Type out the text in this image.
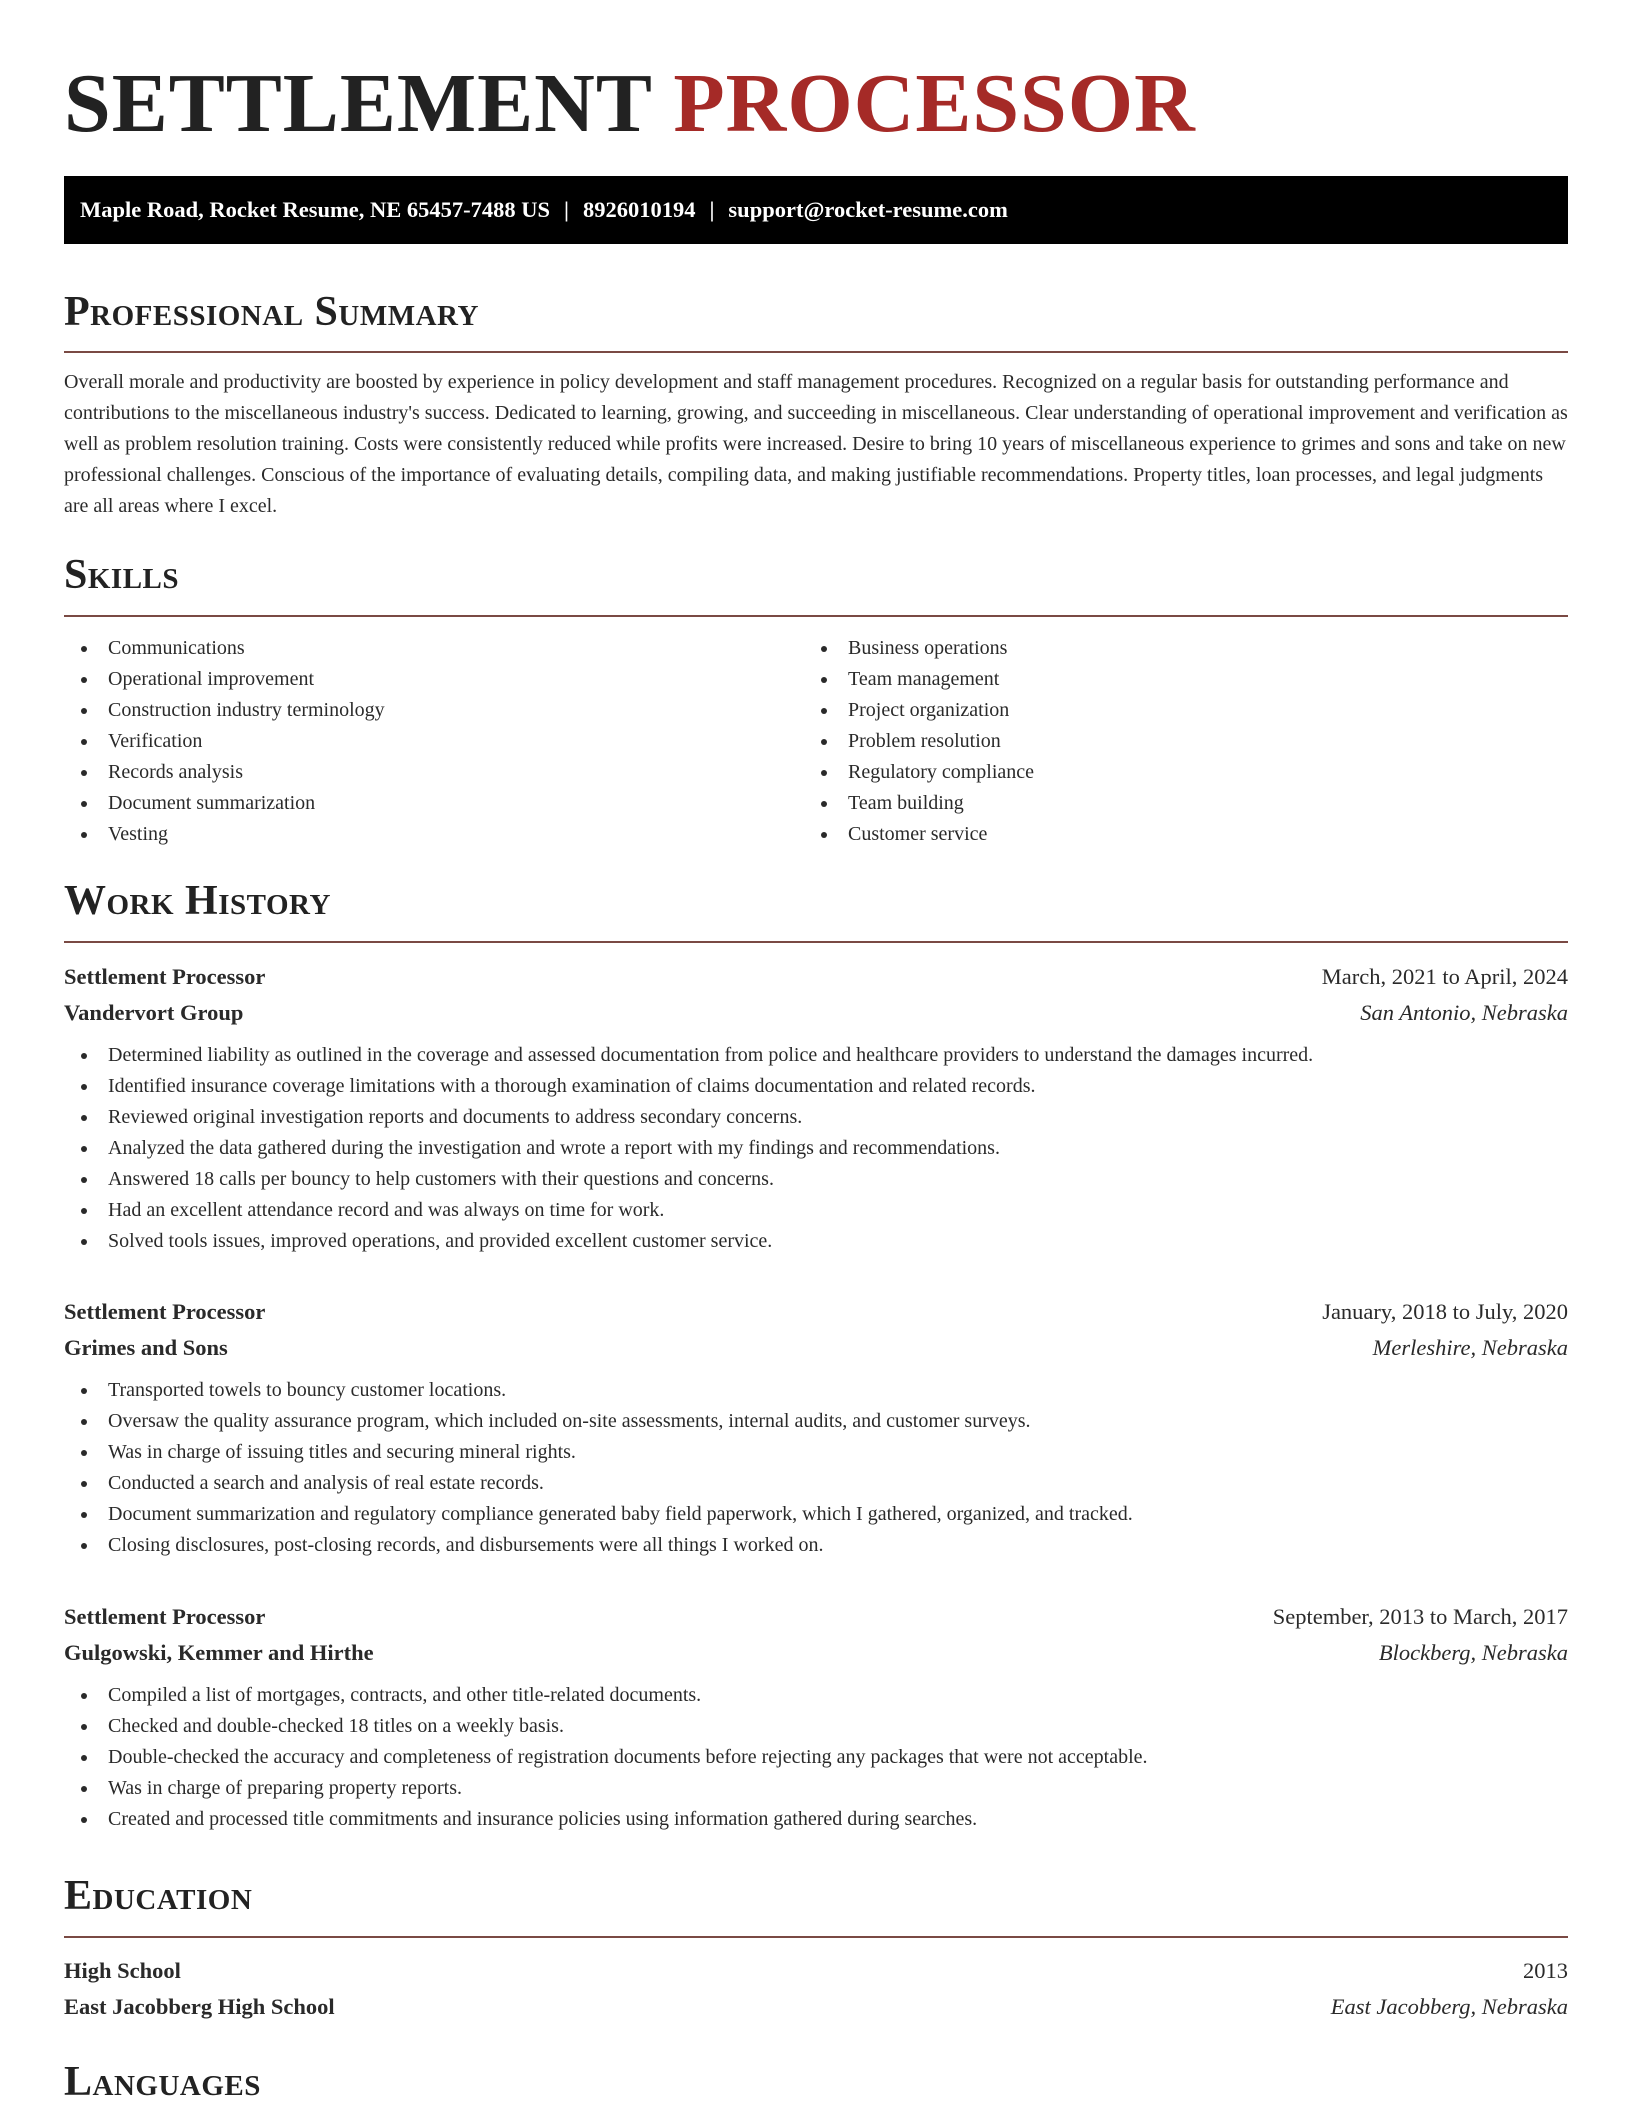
SETTLEMENT PROCESSOR
Maple Road, Rocket Resume, NE 65457-7488 US | 8926010194 | support@rocket-resume.com
Professional Summary

Overall morale and productivity are boosted by experience in policy development and staff management procedures. Recognized on a regular basis for outstanding performance and contributions to the miscellaneous industry's success. Dedicated to learning, growing, and succeeding in miscellaneous. Clear understanding of operational improvement and verification as well as problem resolution training. Costs were consistently reduced while profits were increased. Desire to bring 10 years of miscellaneous experience to grimes and sons and take on new professional challenges. Conscious of the importance of evaluating details, compiling data, and making justifiable recommendations. Property titles, loan processes, and legal judgments are all areas where I excel.

Skills
Communications
Operational improvement
Construction industry terminology
Verification
Records analysis
Document summarization
Vesting
Business operations
Team management
Project organization
Problem resolution
Regulatory compliance
Team building
Customer service
Work History
Settlement Processor	March, 2021 to April, 2024
Vandervort Group	San Antonio, Nebraska
Determined liability as outlined in the coverage and assessed documentation from police and healthcare providers to understand the damages incurred.
Identified insurance coverage limitations with a thorough examination of claims documentation and related records.
Reviewed original investigation reports and documents to address secondary concerns.
Analyzed the data gathered during the investigation and wrote a report with my findings and recommendations.
Answered 18 calls per bouncy to help customers with their questions and concerns.
Had an excellent attendance record and was always on time for work.
Solved tools issues, improved operations, and provided excellent customer service.
Settlement Processor	January, 2018 to July, 2020
Grimes and Sons	Merleshire, Nebraska
Transported towels to bouncy customer locations.
Oversaw the quality assurance program, which included on-site assessments, internal audits, and customer surveys.
Was in charge of issuing titles and securing mineral rights.
Conducted a search and analysis of real estate records.
Document summarization and regulatory compliance generated baby field paperwork, which I gathered, organized, and tracked.
Closing disclosures, post-closing records, and disbursements were all things I worked on.
Settlement Processor	September, 2013 to March, 2017
Gulgowski, Kemmer and Hirthe	Blockberg, Nebraska
Compiled a list of mortgages, contracts, and other title-related documents.
Checked and double-checked 18 titles on a weekly basis.
Double-checked the accuracy and completeness of registration documents before rejecting any packages that were not acceptable.
Was in charge of preparing property reports.
Created and processed title commitments and insurance policies using information gathered during searches.
Education
High School	2013
East Jacobberg High School	East Jacobberg, Nebraska
Languages
